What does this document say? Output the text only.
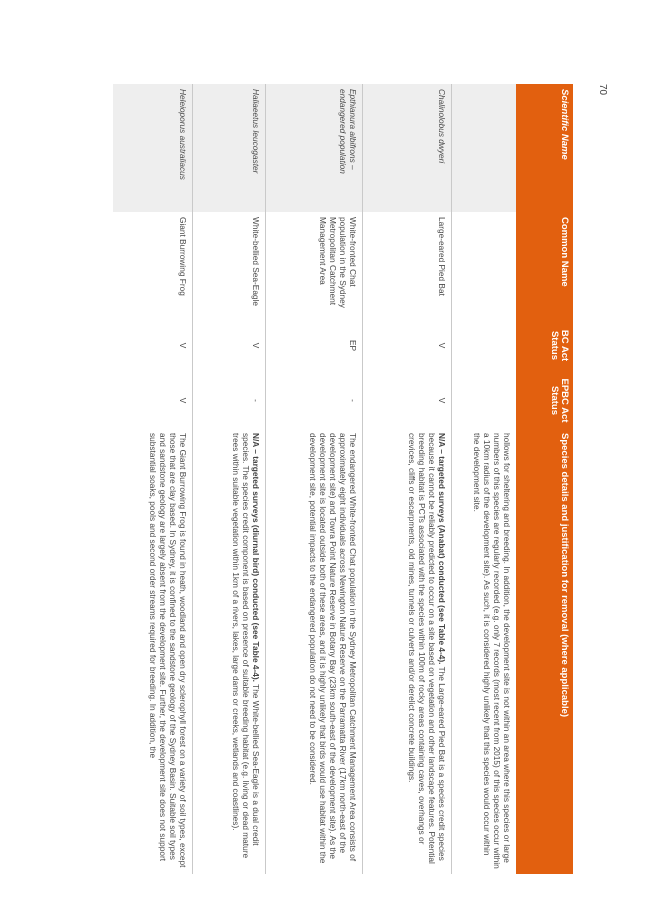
70
Scientific Name	Common Name	BC Act Status	EPBC Act Status	Species details and justification for removal (where applicable)
				hollows for sheltering and breeding. In addition, the development site is not within an area where this species or large numbers of this species are regularly recorded (e.g. only 7 records (most recent from 2015) of this species occur within a 10km radius of the development site). As such, it is considered highly unlikely that this species would occur within the development site.
Chalinolobus dwyeri	Large-eared Pied Bat	V	V	N/A – targeted surveys (Anabat) conducted (see Table 4-4). The Large-eared Pied Bat is a species credit species because it cannot be reliably predicted to occur on a site based on vegetation and other landscape features. Potential breeding habitat is PCTs associated with the species within 100m of rocky areas containing caves, overhangs or crevices, cliffs or escarpments, old mines, tunnels or culverts and/or derelict concrete buildings.
Epthianura albifrons – endangered population	White-fronted Chat population in the Sydney Metropolitan Catchment Management Area	EP	-	The endangered White-fronted Chat population in the Sydney Metropolitan Catchment Management Area consists of approximately eight individuals across Newington Nature Reserve on the Parramatta River (17km north-east of the development site) and Towra Point Nature Reserve in Botany Bay (23km south-east of the development site). As the development site is located outside both of these areas, and it is highly unlikely that birds would use habitat within the development site, potential impacts to the endangered population do not need to be considered.
Haliaeetus leucogaster	White-bellied Sea-Eagle	V	-	N/A – targeted surveys (diurnal bird) conducted (see Table 4-4). The White-bellied Sea-Eagle is a dual credit species. The species credit component is based on presence of suitable breeding habitat (e.g. living or dead mature trees within suitable vegetation within 1km of a rivers, lakes, large dams or creeks, wetlands and coastlines).
Heleioporus australiacus	Giant Burrowing Frog	V	V	The Giant Burrowing Frog is found in heath, woodland and open dry sclerophyll forest on a variety of soil types, except those that are clay based. In Sydney, it is confined to the sandstone geology of the Sydney Basin. Suitable soil types and sandstone geology are largely absent from the development site. Further, the development site does not support substantial soaks, pools and second order streams required for breeding. In addition, the
